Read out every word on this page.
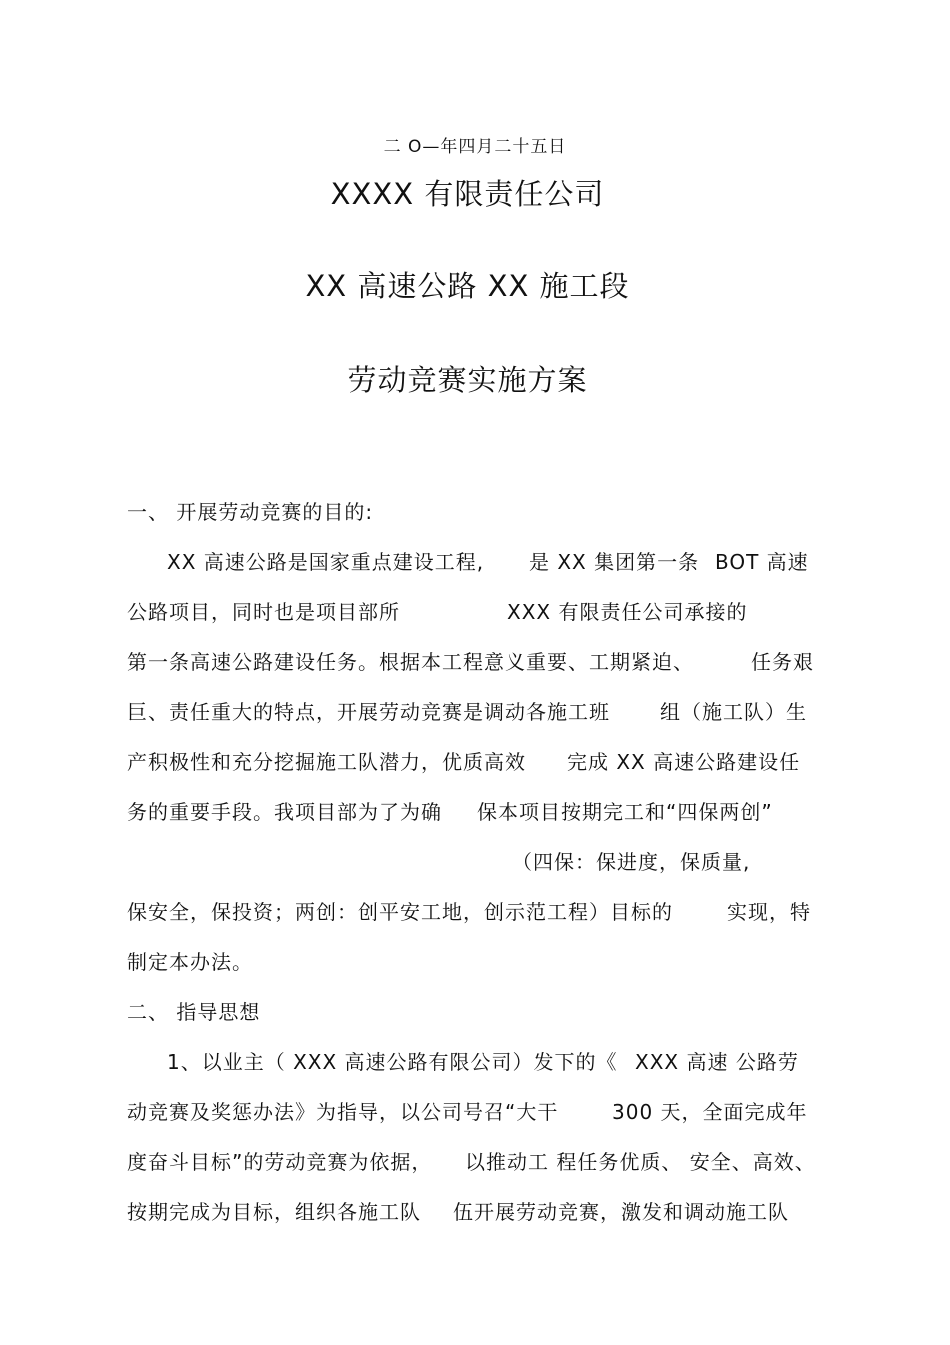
二 O—年四月二十五日
XXXX 有限责任公司
XX 高速公路 XX 施工段
劳动竞赛实施方案
一、 开展劳动竞赛的目的:
XX 高速公路是国家重点建设工程, 是 XX 集团第一条 BOT 高速
公路项目，同时也是项目部所	XXX 有限责任公司承接的
第一条高速公路建设任务。根据本工程意义重要、工期紧迫、	任务艰
巨、责任重大的特点，开展劳动竞赛是调动各施工班	组（施工队）生
产积极性和充分挖掘施工队潜力，优质高效 完成 XX 高速公路建设任
务的重要手段。我项目部为了为确 保本项目按期完工和“四保两创”
（四保：保进度，保质量,
保安全，保投资；两创：创平安工地，创示范工程）目标的	实现，特
制定本办法。
二、 指导思想
1、以业主（ XXX 高速公路有限公司）发下的《 XXX 高速 公路劳
动竞赛及奖惩办法》为指导，以公司号召“大干	300 天，全面完成年
度奋斗目标”的劳动竞赛为依据， 以推动工 程任务优质、 安全、高效、
按期完成为目标，组织各施工队 伍开展劳动竞赛，激发和调动施工队
